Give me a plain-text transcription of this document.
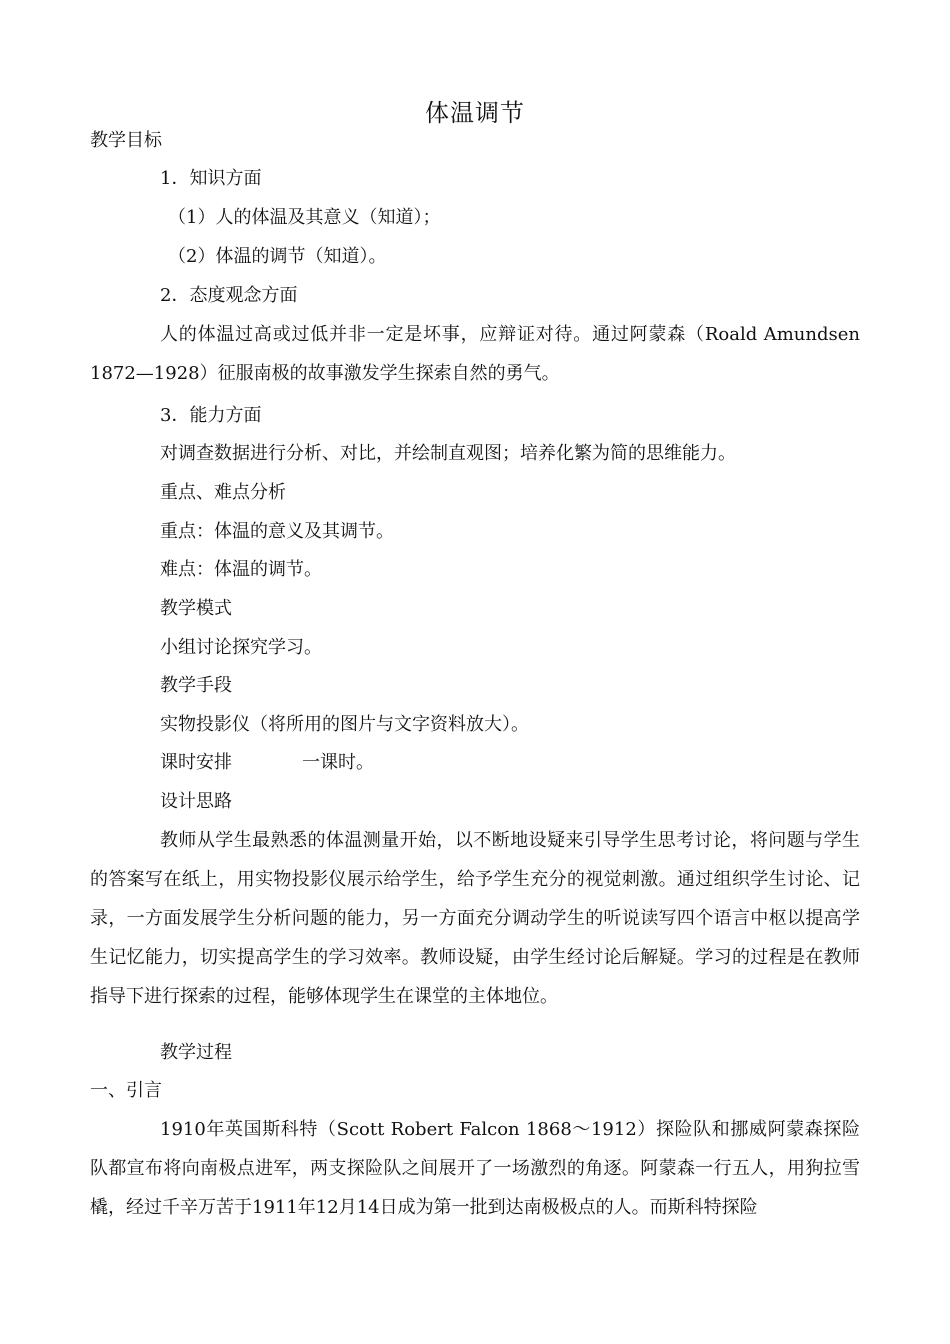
体温调节
教学目标
1．知识方面
（1）人的体温及其意义（知道）；
（2）体温的调节（知道）。
2．态度观念方面
人的体温过高或过低并非一定是坏事，应辩证对待。通过阿蒙森（Roald Amundsen 1872—1928）征服南极的故事激发学生探索自然的勇气。
3．能力方面
对调查数据进行分析、对比，并绘制直观图；培养化繁为简的思维能力。
重点、难点分析
重点：体温的意义及其调节。
难点：体温的调节。
教学模式
小组讨论探究学习。
教学手段
实物投影仪（将所用的图片与文字资料放大）。
课时安排	一课时。
设计思路
教师从学生最熟悉的体温测量开始，以不断地设疑来引导学生思考讨论，将问题与学生的答案写在纸上，用实物投影仪展示给学生，给予学生充分的视觉刺激。通过组织学生讨论、记录，一方面发展学生分析问题的能力，另一方面充分调动学生的听说读写四个语言中枢以提高学生记忆能力，切实提高学生的学习效率。教师设疑，由学生经讨论后解疑。学习的过程是在教师指导下进行探索的过程，能够体现学生在课堂的主体地位。
教学过程
一、引言
1910年英国斯科特（Scott Robert Falcon 1868～1912）探险队和挪威阿蒙森探险队都宣布将向南极点进军，两支探险队之间展开了一场激烈的角逐。阿蒙森一行五人，用狗拉雪橇，经过千辛万苦于1911年12月14日成为第一批到达南极极点的人。而斯科特探险
